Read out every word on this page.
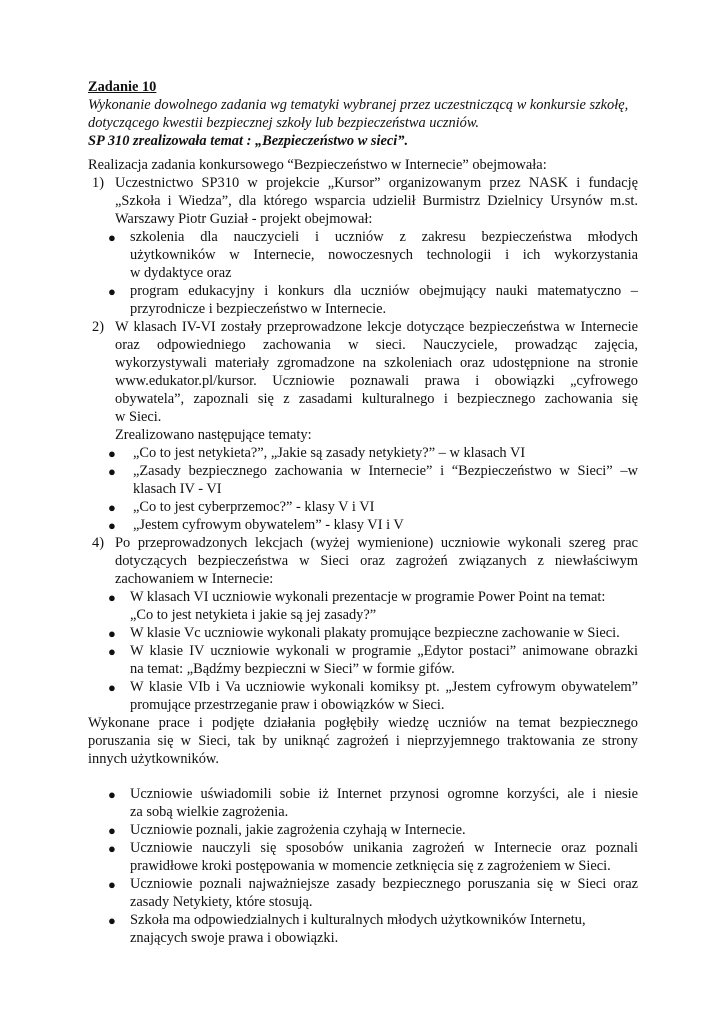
Zadanie 10
Wykonanie dowolnego zadania wg tematyki wybranej przez uczestniczącą w konkursie szkołę,
dotyczącego kwestii bezpiecznej szkoły lub bezpieczeństwa uczniów.
SP 310 zrealizowała temat : „Bezpieczeństwo w sieci”.
Realizacja zadania konkursowego “Bezpieczeństwo w Internecie” obejmowała:
1) Uczestnictwo SP310 w projekcie „Kursor” organizowanym przez NASK i fundację
„Szkoła i Wiedza”, dla którego wsparcia udzielił Burmistrz Dzielnicy Ursynów m.st.
Warszawy Piotr Guział - projekt obejmował:
● szkolenia dla nauczycieli i uczniów z zakresu bezpieczeństwa młodych
użytkowników w Internecie, nowoczesnych technologii i ich wykorzystania
w dydaktyce oraz
● program edukacyjny i konkurs dla uczniów obejmujący nauki matematyczno –
przyrodnicze i bezpieczeństwo w Internecie.
2) W klasach IV-VI zostały przeprowadzone lekcje dotyczące bezpieczeństwa w Internecie
oraz odpowiedniego zachowania w sieci. Nauczyciele, prowadząc zajęcia,
wykorzystywali materiały zgromadzone na szkoleniach oraz udostępnione na stronie
www.edukator.pl/kursor. Uczniowie poznawali prawa i obowiązki „cyfrowego
obywatela”, zapoznali się z zasadami kulturalnego i bezpiecznego zachowania się
w Sieci.
Zrealizowano następujące tematy:
● „Co to jest netykieta?”, „Jakie są zasady netykiety?” – w klasach VI
● „Zasady bezpiecznego zachowania w Internecie” i “Bezpieczeństwo w Sieci” –w
klasach IV - VI
● „Co to jest cyberprzemoc?” - klasy V i VI
● „Jestem cyfrowym obywatelem” - klasy VI i V
4) Po przeprowadzonych lekcjach (wyżej wymienione) uczniowie wykonali szereg prac
dotyczących bezpieczeństwa w Sieci oraz zagrożeń związanych z niewłaściwym
zachowaniem w Internecie:
● W klasach VI uczniowie wykonali prezentacje w programie Power Point na temat:
„Co to jest netykieta i jakie są jej zasady?”
● W klasie Vc uczniowie wykonali plakaty promujące bezpieczne zachowanie w Sieci.
● W klasie IV uczniowie wykonali w programie „Edytor postaci” animowane obrazki
na temat: „Bądźmy bezpieczni w Sieci” w formie gifów.
● W klasie VIb i Va uczniowie wykonali komiksy pt. „Jestem cyfrowym obywatelem”
promujące przestrzeganie praw i obowiązków w Sieci.
Wykonane prace i podjęte działania pogłębiły wiedzę uczniów na temat bezpiecznego
poruszania się w Sieci, tak by uniknąć zagrożeń i nieprzyjemnego traktowania ze strony
innych użytkowników.
● Uczniowie uświadomili sobie iż Internet przynosi ogromne korzyści, ale i niesie
za sobą wielkie zagrożenia.
● Uczniowie poznali, jakie zagrożenia czyhają w Internecie.
● Uczniowie nauczyli się sposobów unikania zagrożeń w Internecie oraz poznali
prawidłowe kroki postępowania w momencie zetknięcia się z zagrożeniem w Sieci.
● Uczniowie poznali najważniejsze zasady bezpiecznego poruszania się w Sieci oraz
zasady Netykiety, które stosują.
● Szkoła ma odpowiedzialnych i kulturalnych młodych użytkowników Internetu,
znających swoje prawa i obowiązki.
